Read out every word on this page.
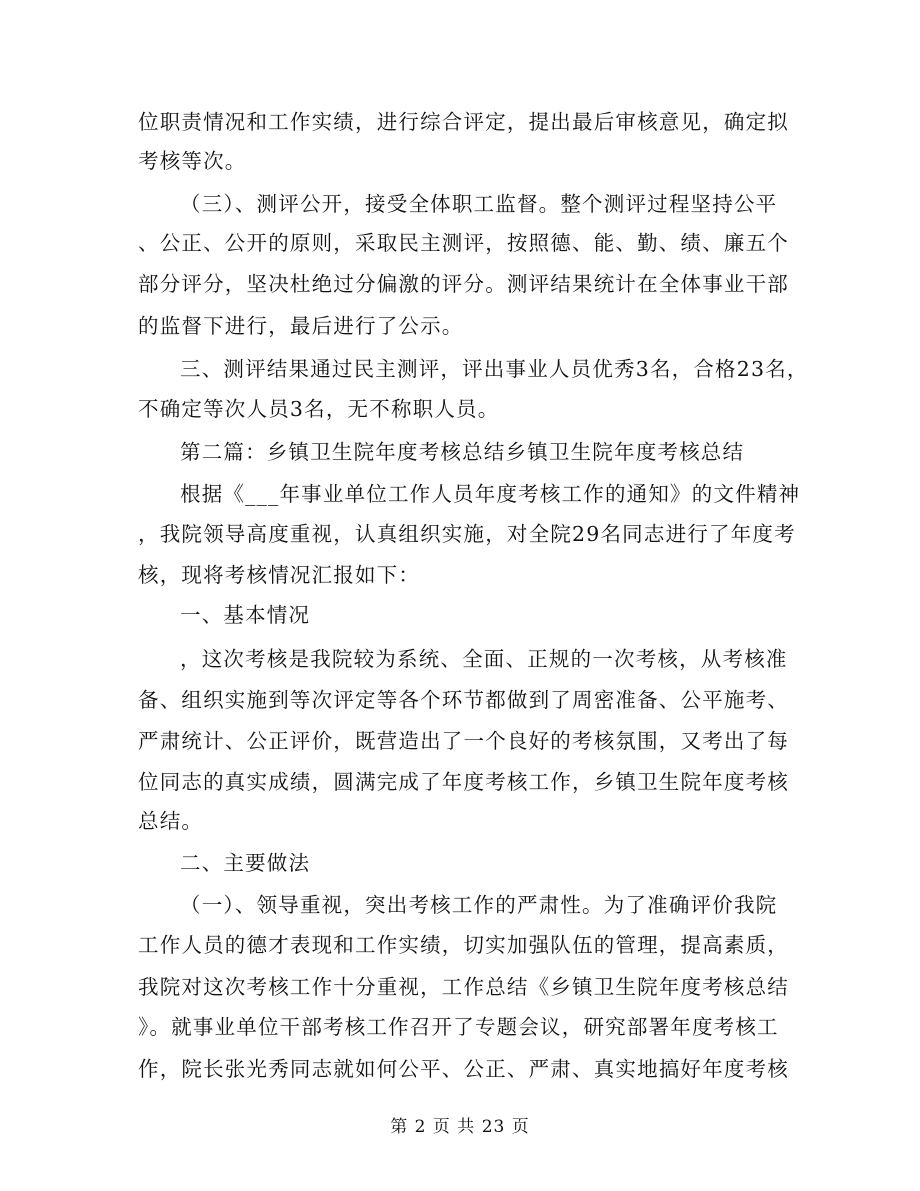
位职责情况和工作实绩，进行综合评定，提出最后审核意见，确定拟
考核等次。
（三）、测评公开，接受全体职工监督。整个测评过程坚持公平
、公正、公开的原则，采取民主测评，按照德、能、勤、绩、廉五个
部分评分，坚决杜绝过分偏激的评分。测评结果统计在全体事业干部
的监督下进行，最后进行了公示。
三、测评结果通过民主测评，评出事业人员优秀3名，合格23名，
不确定等次人员3名，无不称职人员。
第二篇：乡镇卫生院年度考核总结乡镇卫生院年度考核总结
根据《___年事业单位工作人员年度考核工作的通知》的文件精神
，我院领导高度重视，认真组织实施，对全院29名同志进行了年度考
核，现将考核情况汇报如下：
一、基本情况
，这次考核是我院较为系统、全面、正规的一次考核，从考核准
备、组织实施到等次评定等各个环节都做到了周密准备、公平施考、
严肃统计、公正评价，既营造出了一个良好的考核氛围，又考出了每
位同志的真实成绩，圆满完成了年度考核工作，乡镇卫生院年度考核
总结。
二、主要做法
（一）、领导重视，突出考核工作的严肃性。为了准确评价我院
工作人员的德才表现和工作实绩，切实加强队伍的管理，提高素质，
我院对这次考核工作十分重视，工作总结《乡镇卫生院年度考核总结
》。就事业单位干部考核工作召开了专题会议，研究部署年度考核工
作，院长张光秀同志就如何公平、公正、严肃、真实地搞好年度考核
第 2 页 共 23 页
